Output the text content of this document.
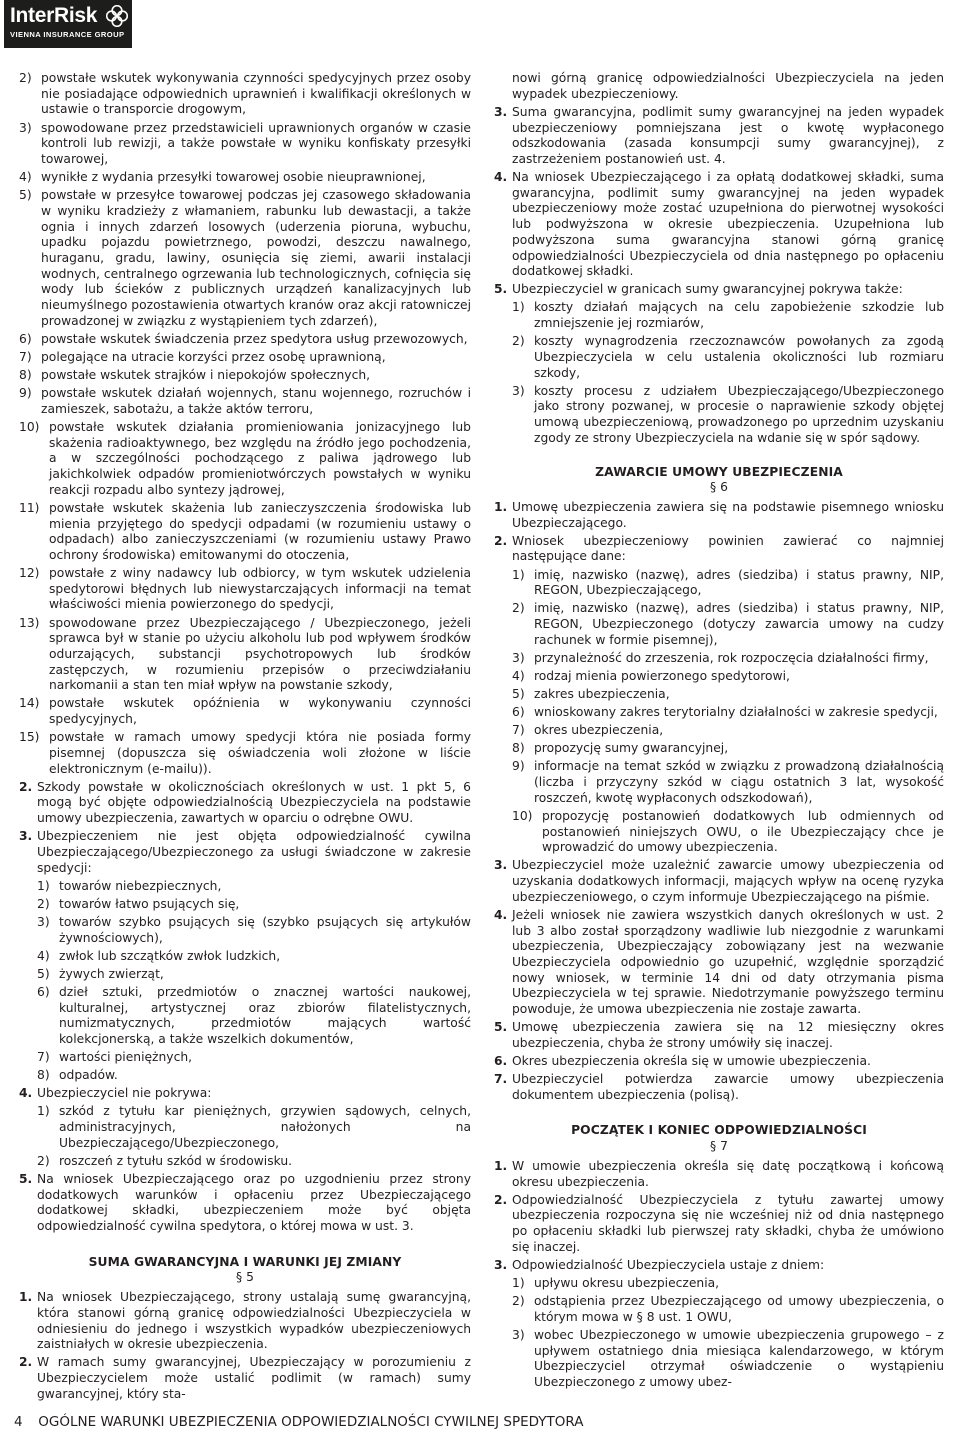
InterRisk
VIENNA INSURANCE GROUP
2) powstałe wskutek wykonywania czynności spedycyjnych przez osoby nie posiadające odpowiednich uprawnień i kwalifikacji określonych w ustawie o transporcie drogowym,
3) spowodowane przez przedstawicieli uprawnionych organów w czasie kontroli lub rewizji, a także powstałe w wyniku konfiskaty przesyłki towarowej,
4) wynikłe z wydania przesyłki towarowej osobie nieuprawnionej,
5) powstałe w przesyłce towarowej podczas jej czasowego składowania w wyniku kradzieży z włamaniem, rabunku lub dewastacji, a także ognia i innych zdarzeń losowych (uderzenia pioruna, wybuchu, upadku pojazdu powietrznego, powodzi, deszczu nawalnego, huraganu, gradu, lawiny, osunięcia się ziemi, awarii instalacji wodnych, centralnego ogrzewania lub technologicznych, cofnięcia się wody lub ścieków z publicznych urządzeń kanalizacyjnych lub nieumyślnego pozostawienia otwartych kranów oraz akcji ratowniczej prowadzonej w związku z wystąpieniem tych zdarzeń),
6) powstałe wskutek świadczenia przez spedytora usług przewozowych,
7) polegające na utracie korzyści przez osobę uprawnioną,
8) powstałe wskutek strajków i niepokojów społecznych,
9) powstałe wskutek działań wojennych, stanu wojennego, rozruchów i zamieszek, sabotażu, a także aktów terroru,
10) powstałe wskutek działania promieniowania jonizacyjnego lub skażenia radioaktywnego, bez względu na źródło jego pochodzenia, a w szczególności pochodzącego z paliwa jądrowego lub jakichkolwiek odpadów promieniotwórczych powstałych w wyniku reakcji rozpadu albo syntezy jądrowej,
11) powstałe wskutek skażenia lub zanieczyszczenia środowiska lub mienia przyjętego do spedycji odpadami (w rozumieniu ustawy o odpadach) albo zanieczyszczeniami (w rozumieniu ustawy Prawo ochrony środowiska) emitowanymi do otoczenia,
12) powstałe z winy nadawcy lub odbiorcy, w tym wskutek udzielenia spedytorowi błędnych lub niewystarczających informacji na temat właściwości mienia powierzonego do spedycji,
13) spowodowane przez Ubezpieczającego / Ubezpieczonego, jeżeli sprawca był w stanie po użyciu alkoholu lub pod wpływem środków odurzających, substancji psychotropowych lub środków zastępczych, w rozumieniu przepisów o przeciwdziałaniu narkomanii a stan ten miał wpływ na powstanie szkody,
14) powstałe wskutek opóźnienia w wykonywaniu czynności spedycyjnych,
15) powstałe w ramach umowy spedycji która nie posiada formy pisemnej (dopuszcza się oświadczenia woli złożone w liście elektronicznym (e-mailu)).
2. Szkody powstałe w okolicznościach określonych w ust. 1 pkt 5, 6 mogą być objęte odpowiedzialnością Ubezpieczyciela na podstawie umowy ubezpieczenia, zawartych w oparciu o odrębne OWU.
3. Ubezpieczeniem nie jest objęta odpowiedzialność cywilna Ubezpieczającego/Ubezpieczonego za usługi świadczone w zakresie spedycji:
1) towarów niebezpiecznych,
2) towarów łatwo psujących się,
3) towarów szybko psujących się (szybko psujących się artykułów żywnościowych),
4) zwłok lub szczątków zwłok ludzkich,
5) żywych zwierząt,
6) dzieł sztuki, przedmiotów o znacznej wartości naukowej, kulturalnej, artystycznej oraz zbiorów filatelistycznych, numizmatycznych, przedmiotów mających wartość kolekcjonerską, a także wszelkich dokumentów,
7) wartości pieniężnych,
8) odpadów.
4. Ubezpieczyciel nie pokrywa:
1) szkód z tytułu kar pieniężnych, grzywien sądowych, celnych, administracyjnych, nałożonych na Ubezpieczającego/Ubezpieczonego,
2) roszczeń z tytułu szkód w środowisku.
5. Na wniosek Ubezpieczającego oraz po uzgodnieniu przez strony dodatkowych warunków i opłaceniu przez Ubezpieczającego dodatkowej składki, ubezpieczeniem może być objęta odpowiedzialność cywilna spedytora, o której mowa w ust. 3.
SUMA GWARANCYJNA I WARUNKI JEJ ZMIANY
§ 5
1. Na wniosek Ubezpieczającego, strony ustalają sumę gwarancyjną, która stanowi górną granicę odpowiedzialności Ubezpieczyciela w odniesieniu do jednego i wszystkich wypadków ubezpieczeniowych zaistniałych w okresie ubezpieczenia.
2. W ramach sumy gwarancyjnej, Ubezpieczający w porozumieniu z Ubezpieczycielem może ustalić podlimit (w ramach) sumy gwarancyjnej, który sta-
nowi górną granicę odpowiedzialności Ubezpieczyciela na jeden wypadek ubezpieczeniowy.
3. Suma gwarancyjna, podlimit sumy gwarancyjnej na jeden wypadek ubezpieczeniowy pomniejszana jest o kwotę wypłaconego odszkodowania (zasada konsumpcji sumy gwarancyjnej), z zastrzeżeniem postanowień ust. 4.
4. Na wniosek Ubezpieczającego i za opłatą dodatkowej składki, suma gwarancyjna, podlimit sumy gwarancyjnej na jeden wypadek ubezpieczeniowy może zostać uzupełniona do pierwotnej wysokości lub podwyższona w okresie ubezpieczenia. Uzupełniona lub podwyższona suma gwarancyjna stanowi górną granicę odpowiedzialności Ubezpieczyciela od dnia następnego po opłaceniu dodatkowej składki.
5. Ubezpieczyciel w granicach sumy gwarancyjnej pokrywa także:
1) koszty działań mających na celu zapobieżenie szkodzie lub zmniejszenie jej rozmiarów,
2) koszty wynagrodzenia rzeczoznawców powołanych za zgodą Ubezpieczyciela w celu ustalenia okoliczności lub rozmiaru szkody,
3) koszty procesu z udziałem Ubezpieczającego/Ubezpieczonego jako strony pozwanej, w procesie o naprawienie szkody objętej umową ubezpieczeniową, prowadzonego po uprzednim uzyskaniu zgody ze strony Ubezpieczyciela na wdanie się w spór sądowy.
ZAWARCIE UMOWY UBEZPIECZENIA
§ 6
1. Umowę ubezpieczenia zawiera się na podstawie pisemnego wniosku Ubezpieczającego.
2. Wniosek ubezpieczeniowy powinien zawierać co najmniej następujące dane:
1) imię, nazwisko (nazwę), adres (siedziba) i status prawny, NIP, REGON, Ubezpieczającego,
2) imię, nazwisko (nazwę), adres (siedziba) i status prawny, NIP, REGON, Ubezpieczonego (dotyczy zawarcia umowy na cudzy rachunek w formie pisemnej),
3) przynależność do zrzeszenia, rok rozpoczęcia działalności firmy,
4) rodzaj mienia powierzonego spedytorowi,
5) zakres ubezpieczenia,
6) wnioskowany zakres terytorialny działalności w zakresie spedycji,
7) okres ubezpieczenia,
8) propozycję sumy gwarancyjnej,
9) informacje na temat szkód w związku z prowadzoną działalnością (liczba i przyczyny szkód w ciągu ostatnich 3 lat, wysokość roszczeń, kwotę wypłaconych odszkodowań),
10) propozycję postanowień dodatkowych lub odmiennych od postanowień niniejszych OWU, o ile Ubezpieczający chce je wprowadzić do umowy ubezpieczenia.
3. Ubezpieczyciel może uzależnić zawarcie umowy ubezpieczenia od uzyskania dodatkowych informacji, mających wpływ na ocenę ryzyka ubezpieczeniowego, o czym informuje Ubezpieczającego na piśmie.
4. Jeżeli wniosek nie zawiera wszystkich danych określonych w ust. 2 lub 3 albo został sporządzony wadliwie lub niezgodnie z warunkami ubezpieczenia, Ubezpieczający zobowiązany jest na wezwanie Ubezpieczyciela odpowiednio go uzupełnić, względnie sporządzić nowy wniosek, w terminie 14 dni od daty otrzymania pisma Ubezpieczyciela w tej sprawie. Niedotrzymanie powyższego terminu powoduje, że umowa ubezpieczenia nie zostaje zawarta.
5. Umowę ubezpieczenia zawiera się na 12 miesięczny okres ubezpieczenia, chyba że strony umówiły się inaczej.
6. Okres ubezpieczenia określa się w umowie ubezpieczenia.
7. Ubezpieczyciel potwierdza zawarcie umowy ubezpieczenia dokumentem ubezpieczenia (polisą).
POCZĄTEK I KONIEC ODPOWIEDZIALNOŚCI
§ 7
1. W umowie ubezpieczenia określa się datę początkową i końcową okresu ubezpieczenia.
2. Odpowiedzialność Ubezpieczyciela z tytułu zawartej umowy ubezpieczenia rozpoczyna się nie wcześniej niż od dnia następnego po opłaceniu składki lub pierwszej raty składki, chyba że umówiono się inaczej.
3. Odpowiedzialność Ubezpieczyciela ustaje z dniem:
1) upływu okresu ubezpieczenia,
2) odstąpienia przez Ubezpieczającego od umowy ubezpieczenia, o którym mowa w § 8 ust. 1 OWU,
3) wobec Ubezpieczonego w umowie ubezpieczenia grupowego – z upływem ostatniego dnia miesiąca kalendarzowego, w którym Ubezpieczyciel otrzymał oświadczenie o wystąpieniu Ubezpieczonego z umowy ubez-
4 OGÓLNE WARUNKI UBEZPIECZENIA ODPOWIEDZIALNOŚCI CYWILNEJ SPEDYTORA
